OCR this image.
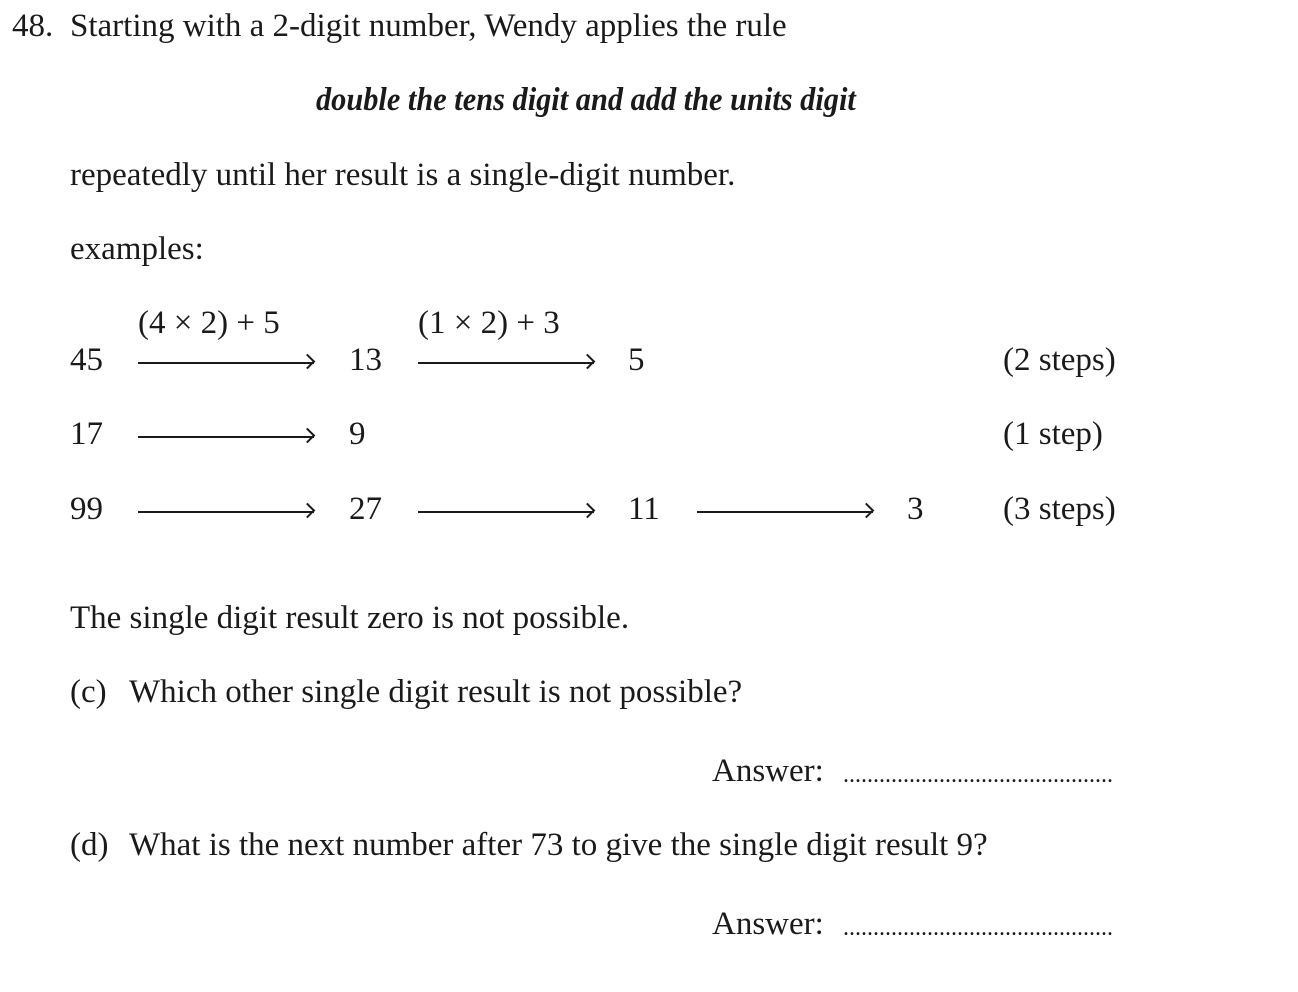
48. Starting with a 2-digit number, Wendy applies the rule
double the tens digit and add the units digit
repeatedly until her result is a single-digit number.
examples:
(4 × 2) + 5	(1 × 2) + 3
45	13	5	(2 steps)
17	9	(1 step)
99	27	11	3 (3 steps)
The single digit result zero is not possible.
(c) Which other single digit result is not possible?
Answer: .............................................
(d) What is the next number after 73 to give the single digit result 9?
Answer: .............................................
